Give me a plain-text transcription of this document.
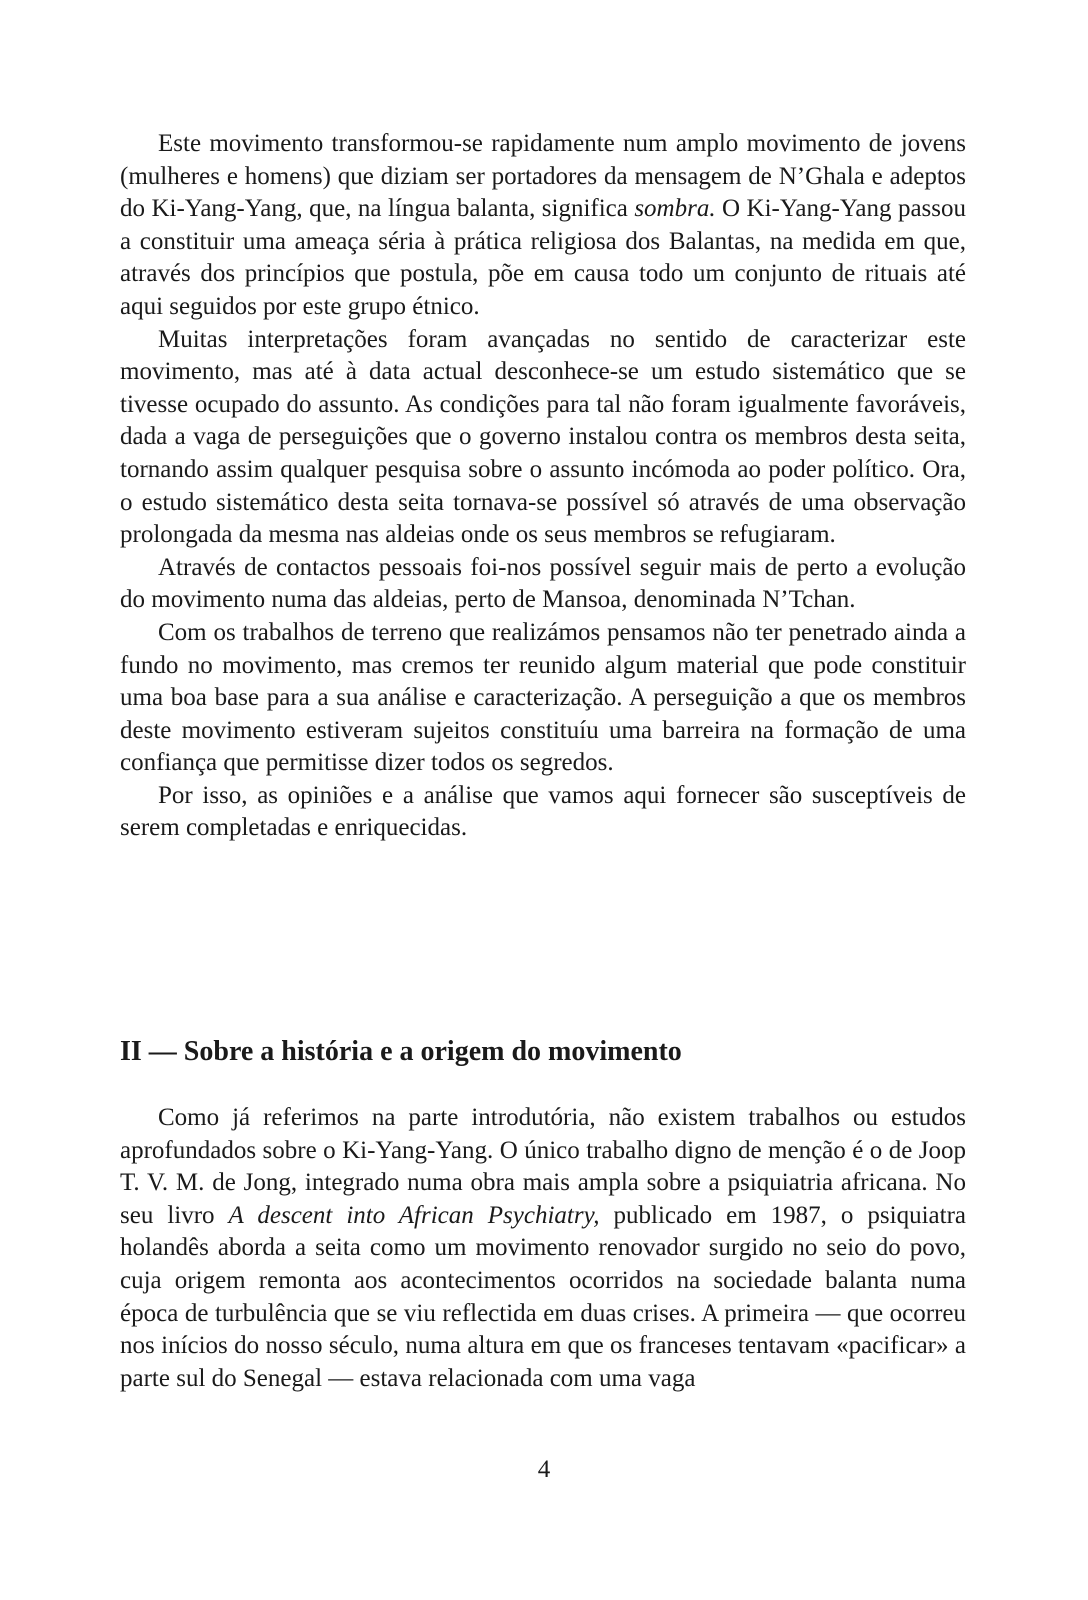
Este movimento transformou-se rapidamente num amplo movimento de jovens (mulheres e homens) que diziam ser portadores da mensagem de N’Ghala e adeptos do Ki-Yang-Yang, que, na língua balanta, significa sombra. O Ki-Yang-Yang passou a constituir uma ameaça séria à prática religiosa dos Balantas, na medida em que, através dos princípios que postula, põe em causa todo um conjunto de rituais até aqui seguidos por este grupo étnico.

Muitas interpretações foram avançadas no sentido de caracterizar este movimento, mas até à data actual desconhece-se um estudo sistemático que se tivesse ocupado do assunto. As condições para tal não foram igualmente favoráveis, dada a vaga de perseguições que o governo instalou contra os membros desta seita, tornando assim qualquer pesquisa sobre o assunto incómoda ao poder político. Ora, o estudo sistemático desta seita tornava-se possível só através de uma observação prolongada da mesma nas aldeias onde os seus membros se refugiaram.

Através de contactos pessoais foi-nos possível seguir mais de perto a evolução do movimento numa das aldeias, perto de Mansoa, denominada N’Tchan.

Com os trabalhos de terreno que realizámos pensamos não ter penetrado ainda a fundo no movimento, mas cremos ter reunido algum material que pode constituir uma boa base para a sua análise e caracterização. A perseguição a que os membros deste movimento estiveram sujeitos constituíu uma barreira na formação de uma confiança que permitisse dizer todos os segredos.

Por isso, as opiniões e a análise que vamos aqui fornecer são susceptíveis de serem completadas e enriquecidas.

II — Sobre a história e a origem do movimento

Como já referimos na parte introdutória, não existem trabalhos ou estudos aprofundados sobre o Ki-Yang-Yang. O único trabalho digno de menção é o de Joop T. V. M. de Jong, integrado numa obra mais ampla sobre a psiquiatria africana. No seu livro A descent into African Psychiatry, publicado em 1987, o psiquiatra holandês aborda a seita como um movimento renovador surgido no seio do povo, cuja origem remonta aos acontecimentos ocorridos na sociedade balanta numa época de turbulência que se viu reflectida em duas crises. A primeira — que ocorreu nos inícios do nosso século, numa altura em que os franceses tentavam «pacificar» a parte sul do Senegal — estava relacionada com uma vaga

4
